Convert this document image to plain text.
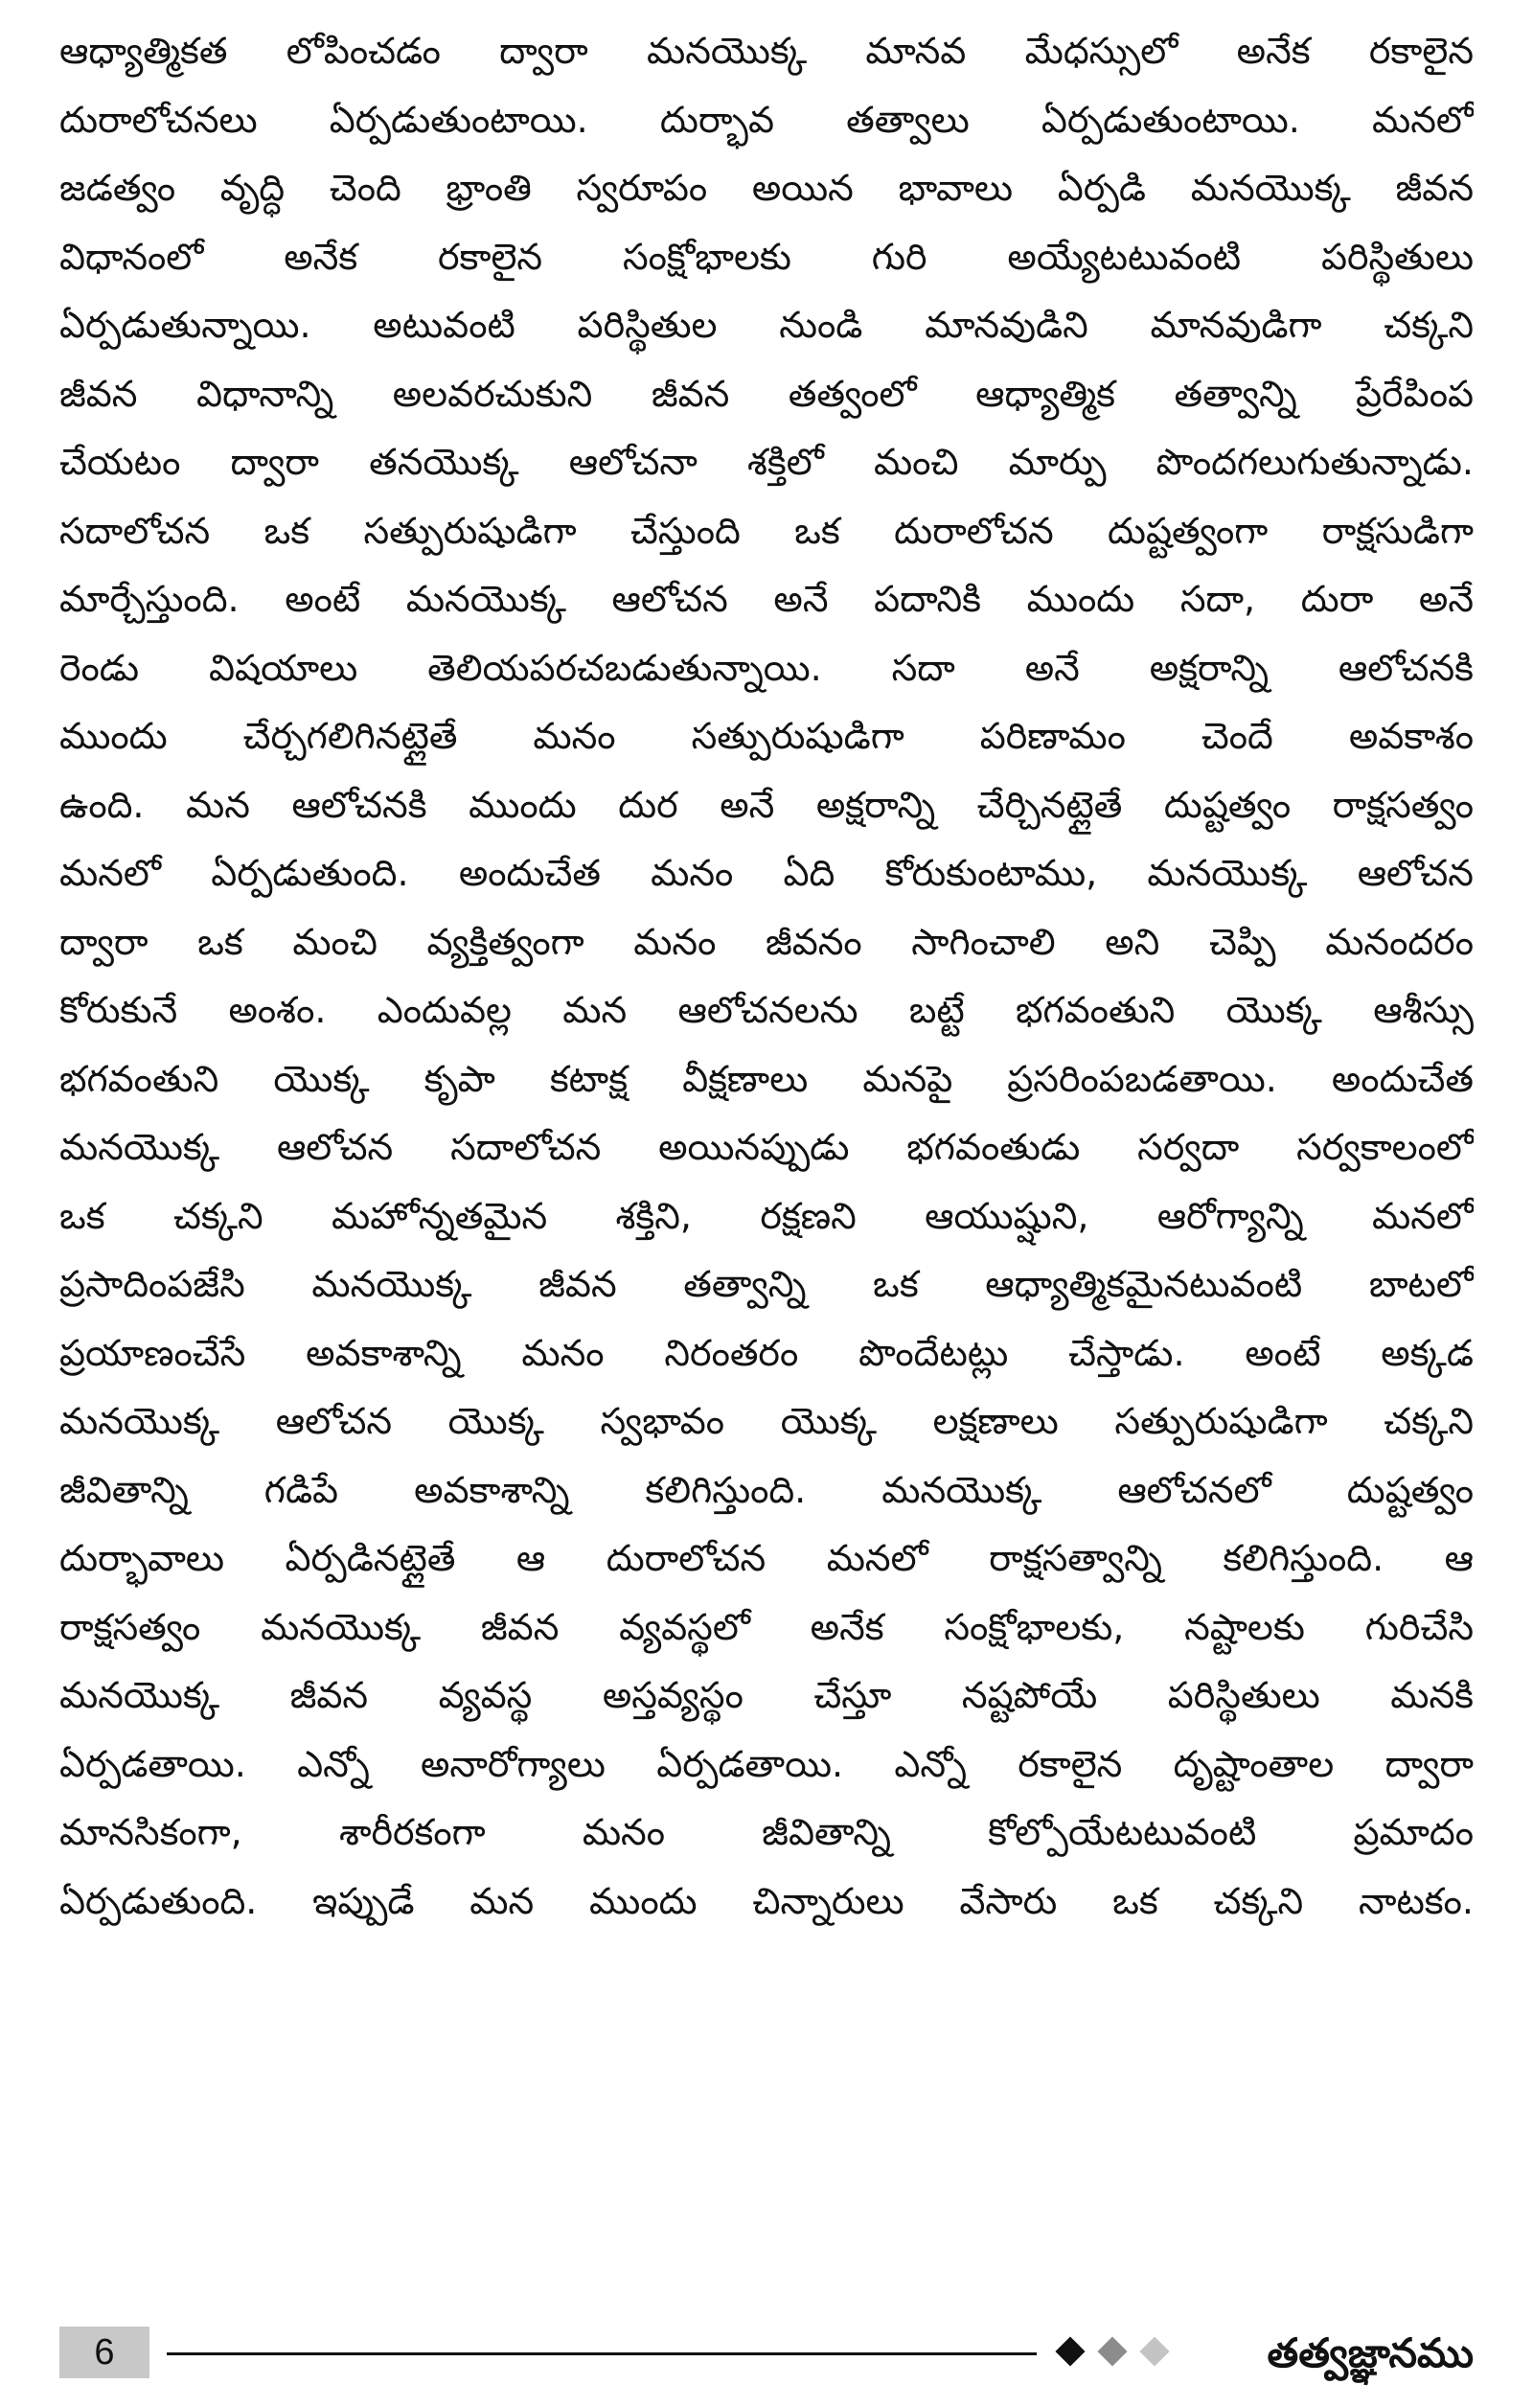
ఆధ్యాత్మికత లోపించడం ద్వారా మనయొక్క మానవ మేధస్సులో అనేక రకాలైన
దురాలోచనలు ఏర్పడుతుంటాయి. దుర్భావ తత్వాలు ఏర్పడుతుంటాయి. మనలో
జడత్వం వృద్ధి చెంది భ్రాంతి స్వరూపం అయిన భావాలు ఏర్పడి మనయొక్క జీవన
విధానంలో అనేక రకాలైన సంక్షోభాలకు గురి అయ్యేటటువంటి పరిస్థితులు
ఏర్పడుతున్నాయి. అటువంటి పరిస్థితుల నుండి మానవుడిని మానవుడిగా చక్కని
జీవన విధానాన్ని అలవరచుకుని జీవన తత్వంలో ఆధ్యాత్మిక తత్వాన్ని ప్రేరేపింప
చేయటం ద్వారా తనయొక్క ఆలోచనా శక్తిలో మంచి మార్పు పొందగలుగుతున్నాడు.
సదాలోచన ఒక సత్పురుషుడిగా చేస్తుంది ఒక దురాలోచన దుష్టత్వంగా రాక్షసుడిగా
మార్చేస్తుంది. అంటే మనయొక్క ఆలోచన అనే పదానికి ముందు సదా, దురా అనే
రెండు విషయాలు తెలియపరచబడుతున్నాయి. సదా అనే అక్షరాన్ని ఆలోచనకి
ముందు చేర్చగలిగినట్లైతే మనం సత్పురుషుడిగా పరిణామం చెందే అవకాశం
ఉంది. మన ఆలోచనకి ముందు దుర అనే అక్షరాన్ని చేర్చినట్లైతే దుష్టత్వం రాక్షసత్వం
మనలో ఏర్పడుతుంది. అందుచేత మనం ఏది కోరుకుంటాము, మనయొక్క ఆలోచన
ద్వారా ఒక మంచి వ్యక్తిత్వంగా మనం జీవనం సాగించాలి అని చెప్పి మనందరం
కోరుకునే అంశం. ఎందువల్ల మన ఆలోచనలను బట్టే భగవంతుని యొక్క ఆశీస్సు
భగవంతుని యొక్క కృపా కటాక్ష వీక్షణాలు మనపై ప్రసరింపబడతాయి. అందుచేత
మనయొక్క ఆలోచన సదాలోచన అయినప్పుడు భగవంతుడు సర్వదా సర్వకాలంలో
ఒక చక్కని మహోన్నతమైన శక్తిని, రక్షణని ఆయుష్షుని, ఆరోగ్యాన్ని మనలో
ప్రసాదింపజేసి మనయొక్క జీవన తత్వాన్ని ఒక ఆధ్యాత్మికమైనటువంటి బాటలో
ప్రయాణంచేసే అవకాశాన్ని మనం నిరంతరం పొందేటట్లు చేస్తాడు. అంటే అక్కడ
మనయొక్క ఆలోచన యొక్క స్వభావం యొక్క లక్షణాలు సత్పురుషుడిగా చక్కని
జీవితాన్ని గడిపే అవకాశాన్ని కలిగిస్తుంది. మనయొక్క ఆలోచనలో దుష్టత్వం
దుర్భావాలు ఏర్పడినట్లైతే ఆ దురాలోచన మనలో రాక్షసత్వాన్ని కలిగిస్తుంది. ఆ
రాక్షసత్వం మనయొక్క జీవన వ్యవస్థలో అనేక సంక్షోభాలకు, నష్టాలకు గురిచేసి
మనయొక్క జీవన వ్యవస్థ అస్తవ్యస్థం చేస్తూ నష్టపోయే పరిస్థితులు మనకి
ఏర్పడతాయి. ఎన్నో అనారోగ్యాలు ఏర్పడతాయి. ఎన్నో రకాలైన దృష్టాంతాల ద్వారా
మానసికంగా, శారీరకంగా మనం జీవితాన్ని కోల్పోయేటటువంటి ప్రమాదం
ఏర్పడుతుంది. ఇప్పుడే మన ముందు చిన్నారులు వేసారు ఒక చక్కని నాటకం.
6	తత్వజ్ఞానము
